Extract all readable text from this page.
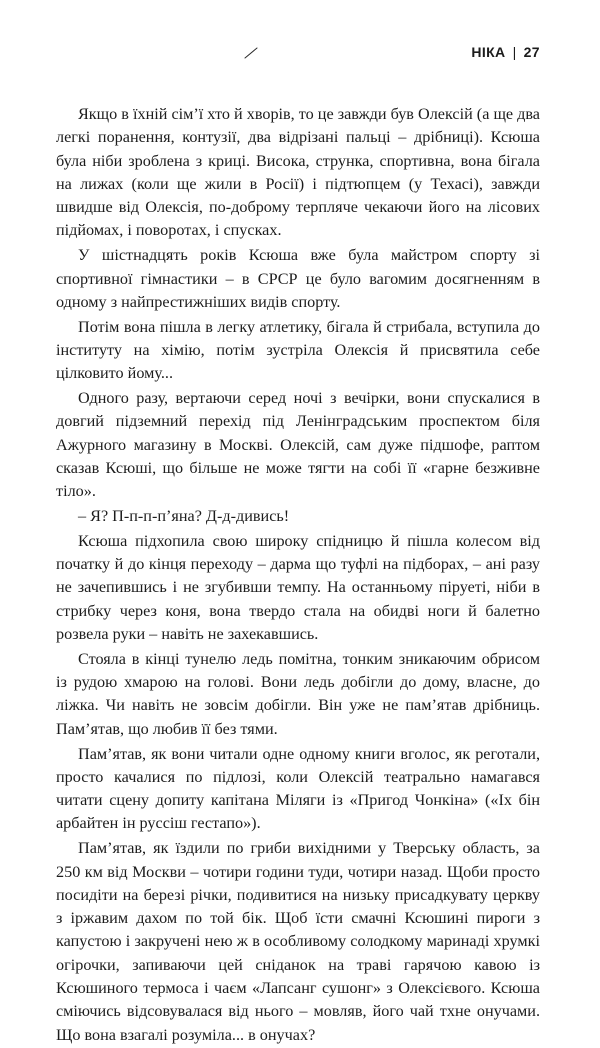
НІКА | 27

Якщо в їхній сім’ї хто й хворів, то це завжди був Олексій (а ще два легкі поранення, контузії, два відрізані пальці – дрібниці). Ксюша була ніби зроблена з криці. Висока, струнка, спортивна, вона бігала на лижах (коли ще жили в Росії) і підтюпцем (у Техасі), завжди швидше від Олексія, по-доброму терпляче чекаючи його на лісових підйомах, і поворотах, і спусках.

У шістнадцять років Ксюша вже була майстром спорту зі спортивної гімнастики – в СРСР це було вагомим досягненням в одному з найпрестижніших видів спорту.

Потім вона пішла в легку атлетику, бігала й стрибала, вступила до інституту на хімію, потім зустріла Олексія й присвятила себе цілковито йому...

Одного разу, вертаючи серед ночі з вечірки, вони спускалися в довгий підземний перехід під Ленінградським проспектом біля Ажурного магазину в Москві. Олексій, сам дуже підшофе, раптом сказав Ксюші, що більше не може тягти на собі її «гарне безживне тіло».

– Я? П-п-п-п’яна? Д-д-дивись!

Ксюша підхопила свою широку спідницю й пішла колесом від початку й до кінця переходу – дарма що туфлі на підборах, – ані разу не зачепившись і не згубивши темпу. На останньому піруеті, ніби в стрибку через коня, вона твердо стала на обидві ноги й балетно розвела руки – навіть не захекавшись.

Стояла в кінці тунелю ледь помітна, тонким зникаючим обрисом із рудою хмарою на голові. Вони ледь добігли до дому, власне, до ліжка. Чи навіть не зовсім добігли. Він уже не пам’ятав дрібниць. Пам’ятав, що любив її без тями.

Пам’ятав, як вони читали одне одному книги вголос, як реготали, просто качалися по підлозі, коли Олексій театрально намагався читати сцену допиту капітана Міляги із «Пригод Чонкіна» («Іх бін арбайтен ін руссіш гестапо»).

Пам’ятав, як їздили по гриби вихідними у Тверську область, за 250 км від Москви – чотири години туди, чотири назад. Щоби просто посидіти на березі річки, подивитися на низьку присадкувату церкву з іржавим дахом по той бік. Щоб їсти смачні Ксюшині пироги з капустою і закручені нею ж в особливому солодкому маринаді хрумкі огірочки, запиваючи цей сніданок на траві гарячою кавою із Ксюшиного термоса і чаєм «Лапсанг сушонг» з Олексієвого. Ксюша сміючись відсовувалася від нього – мовляв, його чай тхне онучами. Що вона взагалі розуміла... в онучах?
